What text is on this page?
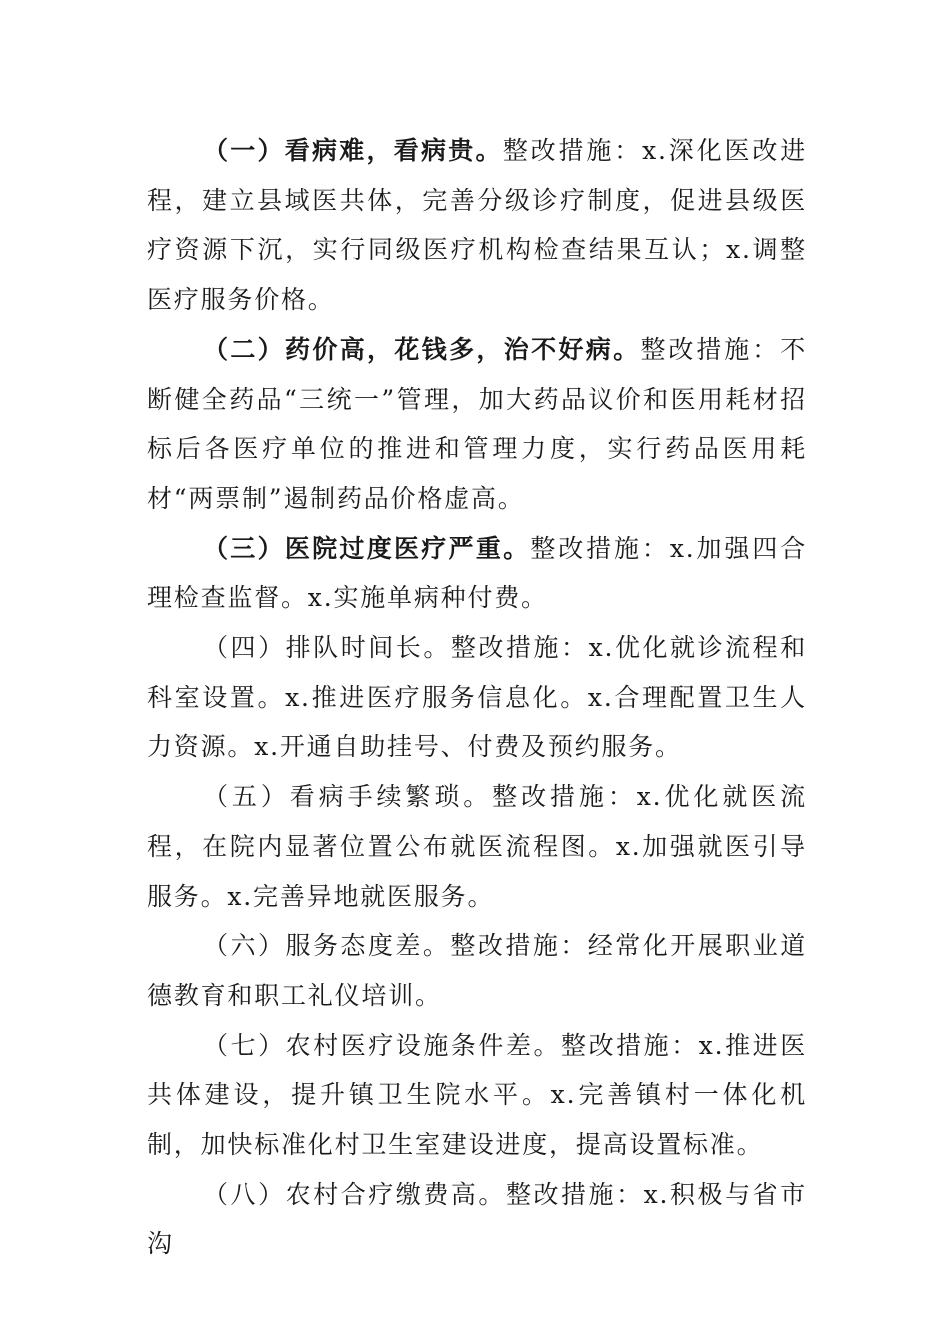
（一）看病难，看病贵。整改措施：x.深化医改进程，建立县域医共体，完善分级诊疗制度，促进县级医疗资源下沉，实行同级医疗机构检查结果互认；x.调整医疗服务价格。

（二）药价高，花钱多，治不好病。整改措施：不断健全药品“三统一”管理，加大药品议价和医用耗材招标后各医疗单位的推进和管理力度，实行药品医用耗材“两票制”遏制药品价格虚高。

（三）医院过度医疗严重。整改措施：x.加强四合理检查监督。x.实施单病种付费。

（四）排队时间长。整改措施：x.优化就诊流程和科室设置。x.推进医疗服务信息化。x.合理配置卫生人力资源。x.开通自助挂号、付费及预约服务。

（五）看病手续繁琐。整改措施：x.优化就医流程，在院内显著位置公布就医流程图。x.加强就医引导服务。x.完善异地就医服务。

（六）服务态度差。整改措施：经常化开展职业道德教育和职工礼仪培训。

（七）农村医疗设施条件差。整改措施：x.推进医共体建设，提升镇卫生院水平。x.完善镇村一体化机制，加快标准化村卫生室建设进度，提高设置标准。

（八）农村合疗缴费高。整改措施：x.积极与省市沟
